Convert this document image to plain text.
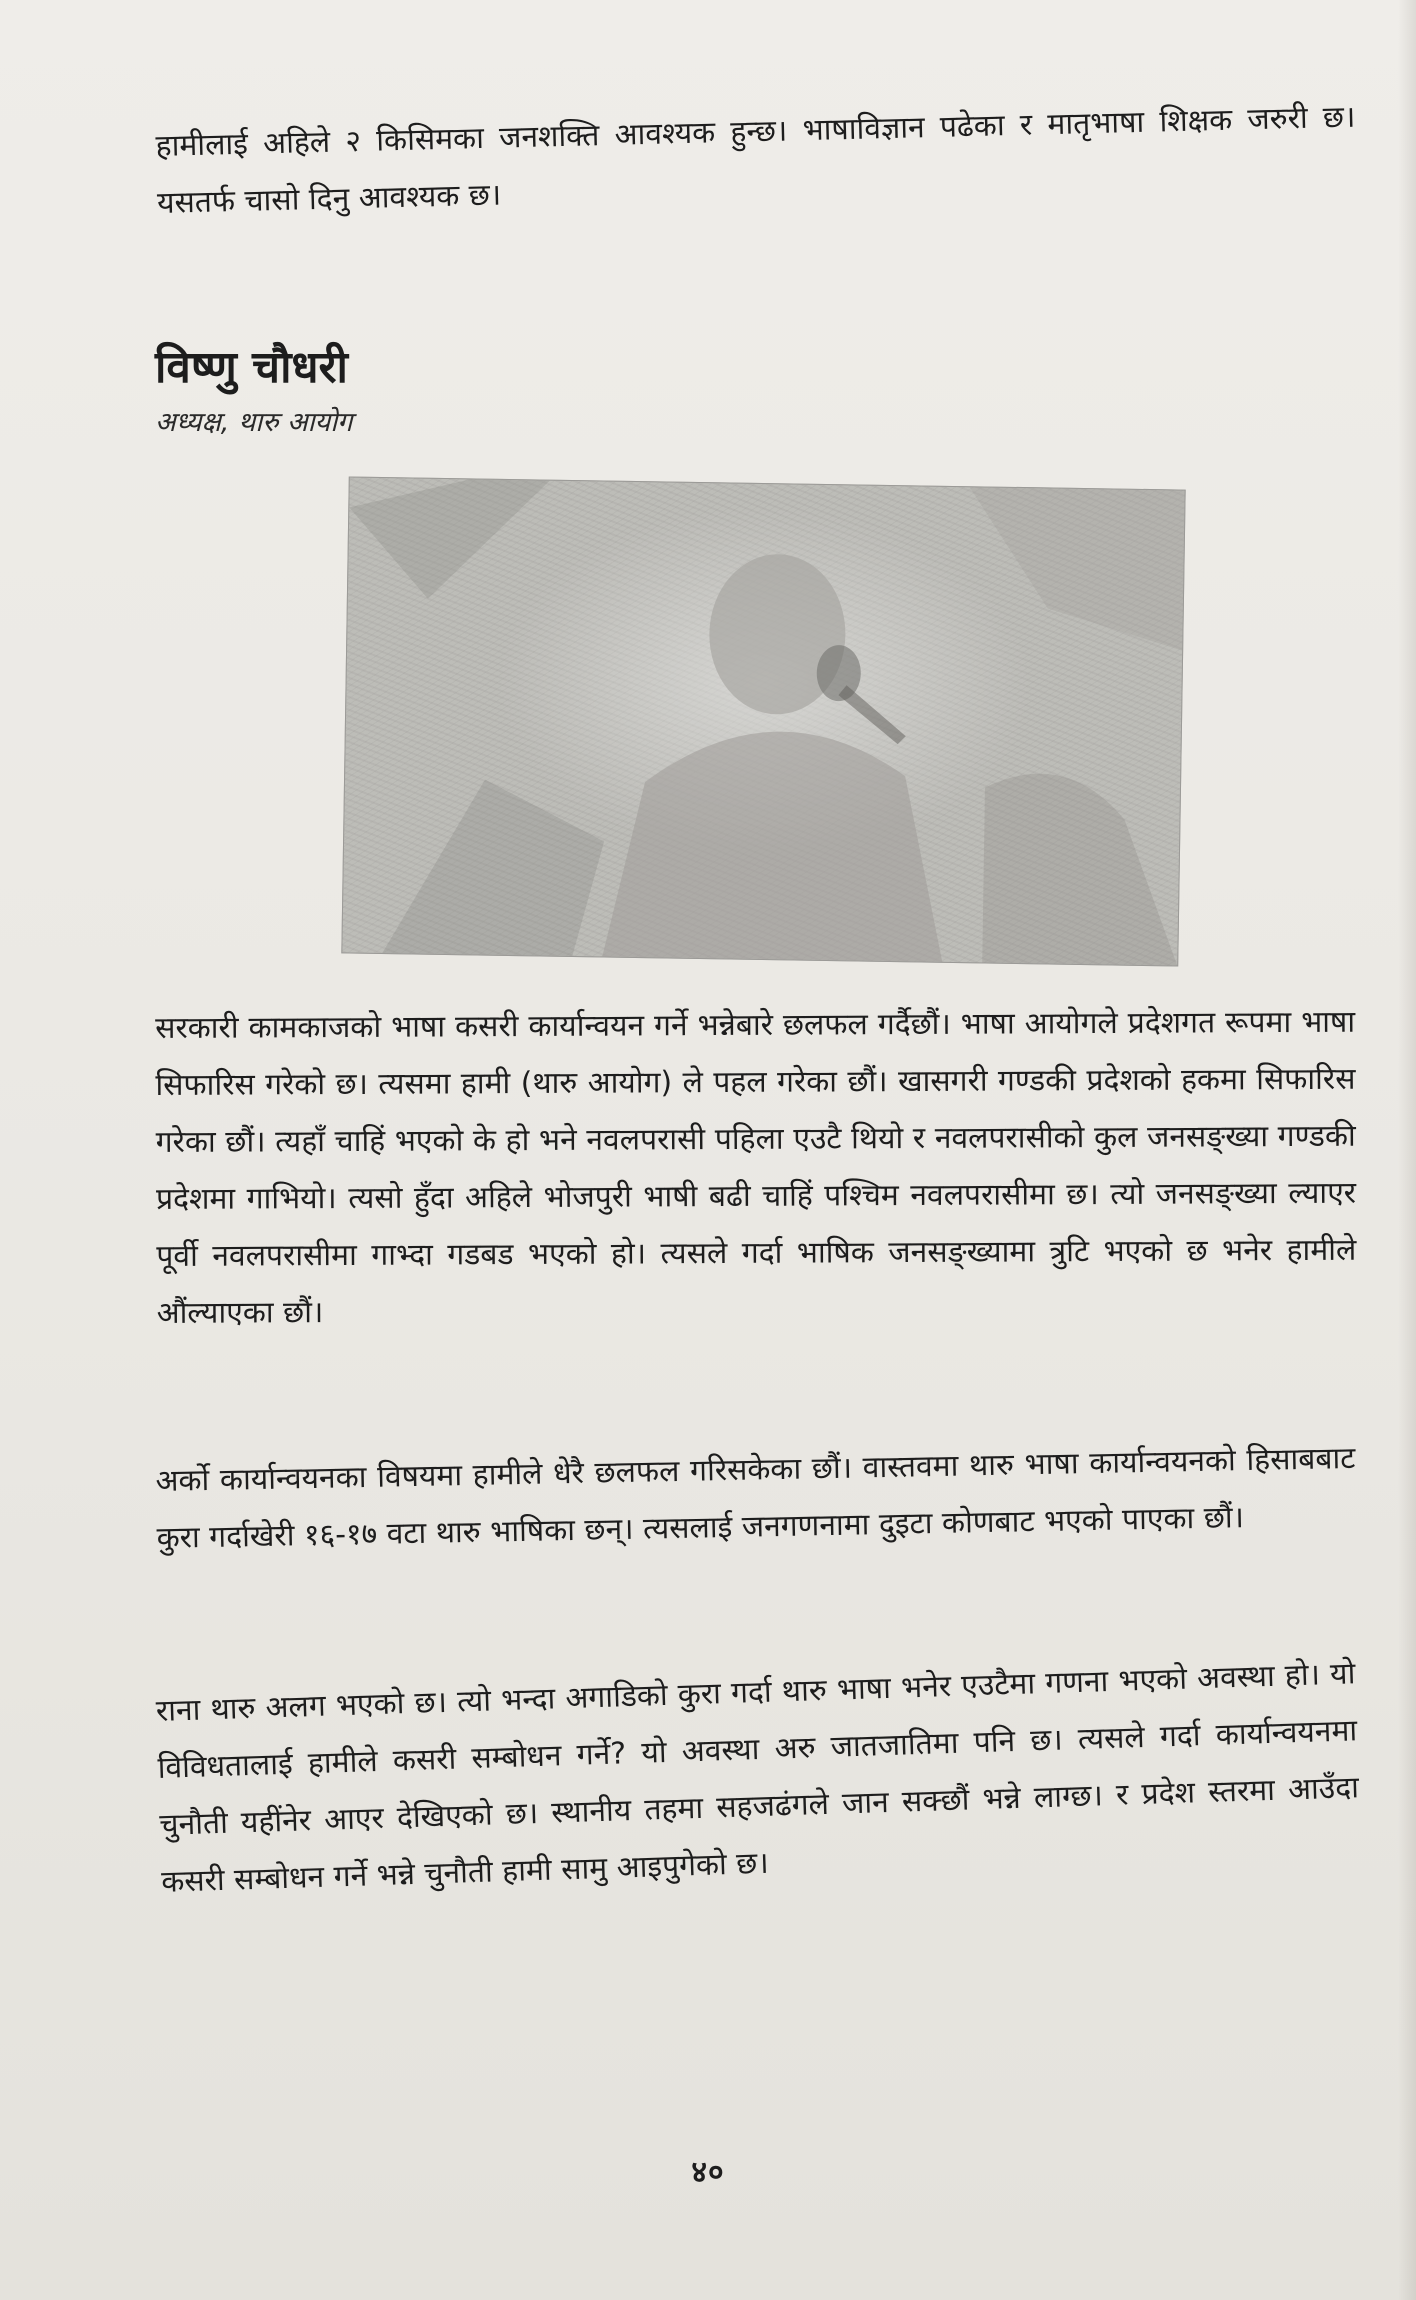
हामीलाई अहिले २ किसिमका जनशक्ति आवश्यक हुन्छ। भाषाविज्ञान पढेका र मातृभाषा शिक्षक जरुरी छ। यसतर्फ चासो दिनु आवश्यक छ।

विष्णु चौधरी
अध्यक्ष, थारु आयोग

सरकारी कामकाजको भाषा कसरी कार्यान्वयन गर्ने भन्नेबारे छलफल गर्दैछौं। भाषा आयोगले प्रदेशगत रूपमा भाषा सिफारिस गरेको छ। त्यसमा हामी (थारु आयोग) ले पहल गरेका छौं। खासगरी गण्डकी प्रदेशको हकमा सिफारिस गरेका छौं। त्यहाँ चाहिं भएको के हो भने नवलपरासी पहिला एउटै थियो र नवलपरासीको कुल जनसङ्ख्या गण्डकी प्रदेशमा गाभियो। त्यसो हुँदा अहिले भोजपुरी भाषी बढी चाहिं पश्चिम नवलपरासीमा छ। त्यो जनसङ्ख्या ल्याएर पूर्वी नवलपरासीमा गाभ्दा गडबड भएको हो। त्यसले गर्दा भाषिक जनसङ्ख्यामा त्रुटि भएको छ भनेर हामीले औंल्याएका छौं।

अर्को कार्यान्वयनका विषयमा हामीले धेरै छलफल गरिसकेका छौं। वास्तवमा थारु भाषा कार्यान्वयनको हिसाबबाट कुरा गर्दाखेरी १६-१७ वटा थारु भाषिका छन्। त्यसलाई जनगणनामा दुइटा कोणबाट भएको पाएका छौं।

राना थारु अलग भएको छ। त्यो भन्दा अगाडिको कुरा गर्दा थारु भाषा भनेर एउटैमा गणना भएको अवस्था हो। यो विविधतालाई हामीले कसरी सम्बोधन गर्ने? यो अवस्था अरु जातजातिमा पनि छ। त्यसले गर्दा कार्यान्वयनमा चुनौती यहींनेर आएर देखिएको छ। स्थानीय तहमा सहजढंगले जान सक्छौं भन्ने लाग्छ। र प्रदेश स्तरमा आउँदा कसरी सम्बोधन गर्ने भन्ने चुनौती हामी सामु आइपुगेको छ।

४०
